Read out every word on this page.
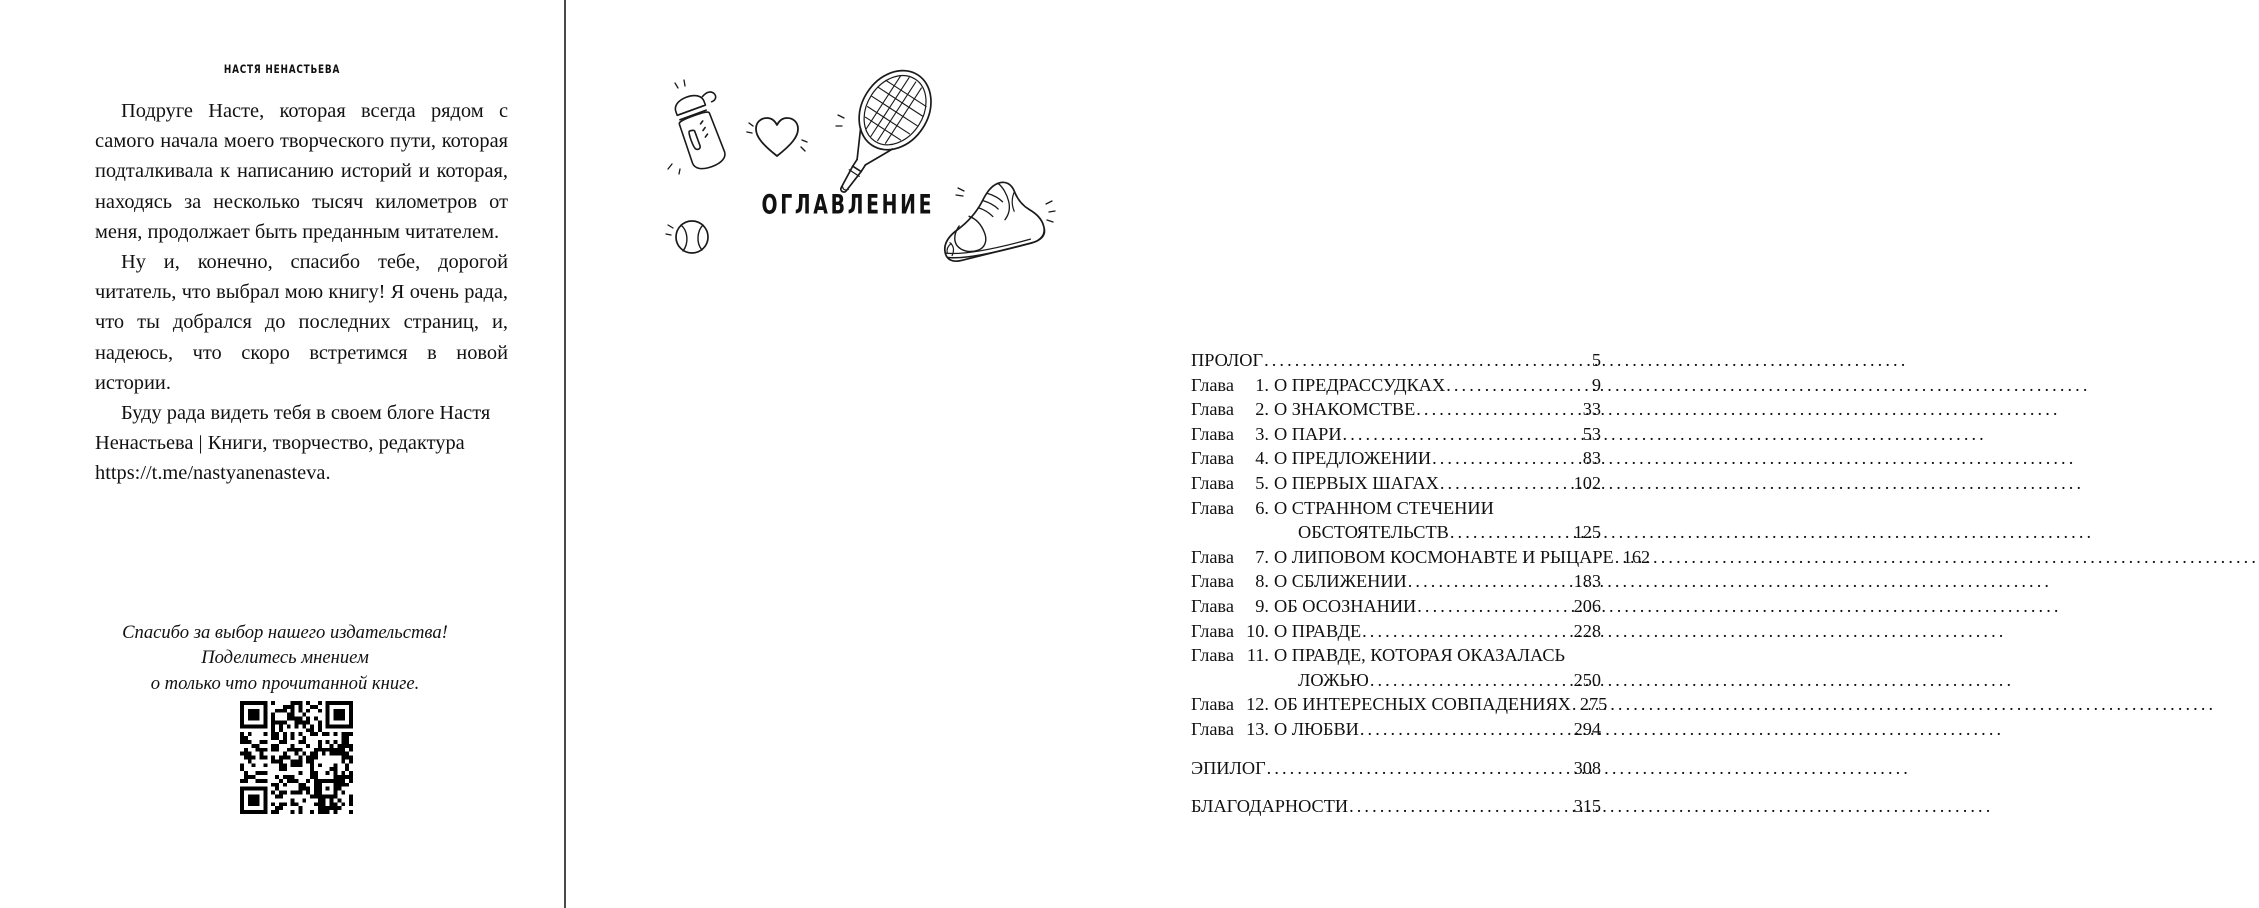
НАСТЯ НЕНАСТЬЕВА

Подруге Насте, которая всегда рядом с самого начала моего творческого пути, которая подталкивала к написанию историй и которая, находясь за несколько тысяч километров от меня, продолжает быть преданным читателем.

Ну и, конечно, спасибо тебе, дорогой читатель, что выбрал мою книгу! Я очень рада, что ты добрался до последних страниц, и, надеюсь, что скоро встретимся в новой истории.

Буду рада видеть тебя в своем блоге Настя Ненастьева | Книги, творчество, редактура https://t.me/nastyanenasteva.

Спасибо за выбор нашего издательства!
Поделитесь мнением
о только что прочитанной книге.
ОГЛАВЛЕНИЕ
ПРОЛОГ .....	5
Глава	1. О ПРЕДРАССУДКАХ .....	9
Глава	2. О ЗНАКОМСТВЕ .....	33
Глава	3. О ПАРИ .....	53
Глава	4. О ПРЕДЛОЖЕНИИ .....	83
Глава	5. О ПЕРВЫХ ШАГАХ .....	102
Глава	6. О СТРАННОМ СТЕЧЕНИИ
ОБСТОЯТЕЛЬСТВ .....	125
Глава	7. О ЛИПОВОМ КОСМОНАВТЕ И РЫЦАРЕ ..... 162
Глава	8. О СБЛИЖЕНИИ .....	183
Глава	9. ОБ ОСОЗНАНИИ .....	206
Глава 10. О ПРАВДЕ .....	228
Глава 11. О ПРАВДЕ, КОТОРАЯ ОКАЗАЛАСЬ
ЛОЖЬЮ .....	250
Глава 12. ОБ ИНТЕРЕСНЫХ СОВПАДЕНИЯХ ..... 275
Глава 13. О ЛЮБВИ .....	294
ЭПИЛОГ .....	308
БЛАГОДАРНОСТИ .....	315
